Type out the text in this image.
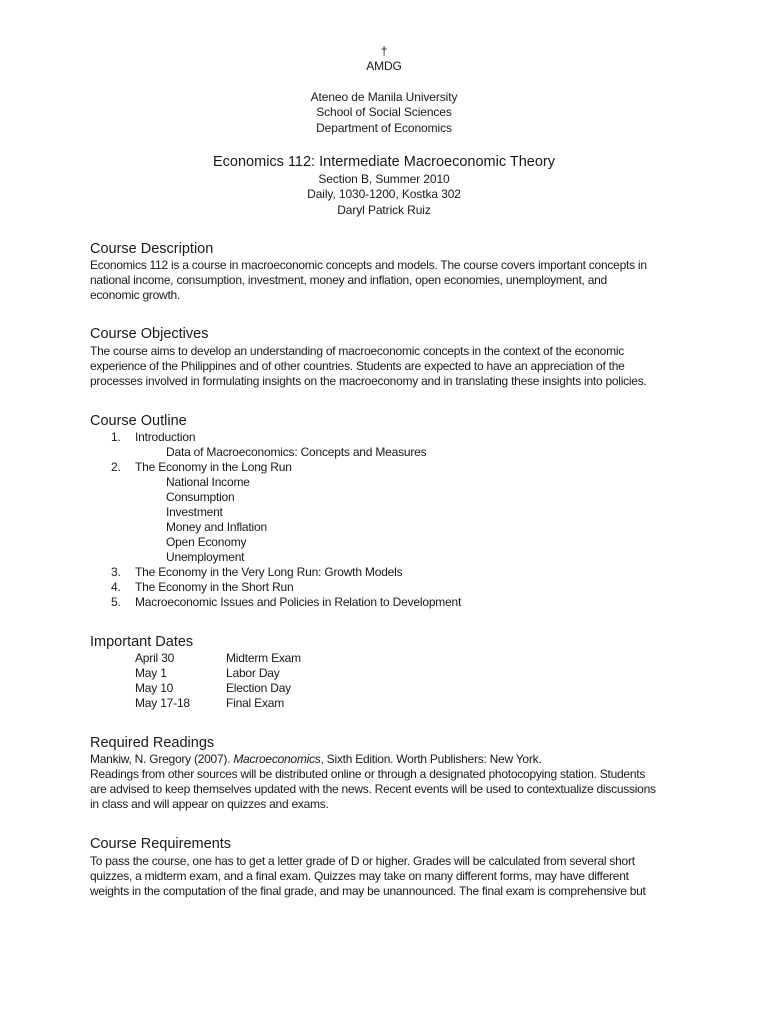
†
AMDG
Ateneo de Manila University
School of Social Sciences
Department of Economics
Economics 112: Intermediate Macroeconomic Theory
Section B, Summer 2010
Daily, 1030-1200, Kostka 302
Daryl Patrick Ruiz
Course Description
Economics 112 is a course in macroeconomic concepts and models. The course covers important concepts in
national income, consumption, investment, money and inflation, open economies, unemployment, and
economic growth.
Course Objectives
The course aims to develop an understanding of macroeconomic concepts in the context of the economic
experience of the Philippines and of other countries. Students are expected to have an appreciation of the
processes involved in formulating insights on the macroeconomy and in translating these insights into policies.
Course Outline
1.	Introduction
Data of Macroeconomics: Concepts and Measures
2.	The Economy in the Long Run
National Income
Consumption
Investment
Money and Inflation
Open Economy
Unemployment
3.	The Economy in the Very Long Run: Growth Models
4.	The Economy in the Short Run
5.	Macroeconomic Issues and Policies in Relation to Development
Important Dates
April 30	Midterm Exam
May 1	Labor Day
May 10	Election Day
May 17-18	Final Exam
Required Readings
Mankiw, N. Gregory (2007). Macroeconomics, Sixth Edition. Worth Publishers: New York.
Readings from other sources will be distributed online or through a designated photocopying station. Students
are advised to keep themselves updated with the news. Recent events will be used to contextualize discussions
in class and will appear on quizzes and exams.
Course Requirements
To pass the course, one has to get a letter grade of D or higher. Grades will be calculated from several short
quizzes, a midterm exam, and a final exam. Quizzes may take on many different forms, may have different
weights in the computation of the final grade, and may be unannounced. The final exam is comprehensive but
